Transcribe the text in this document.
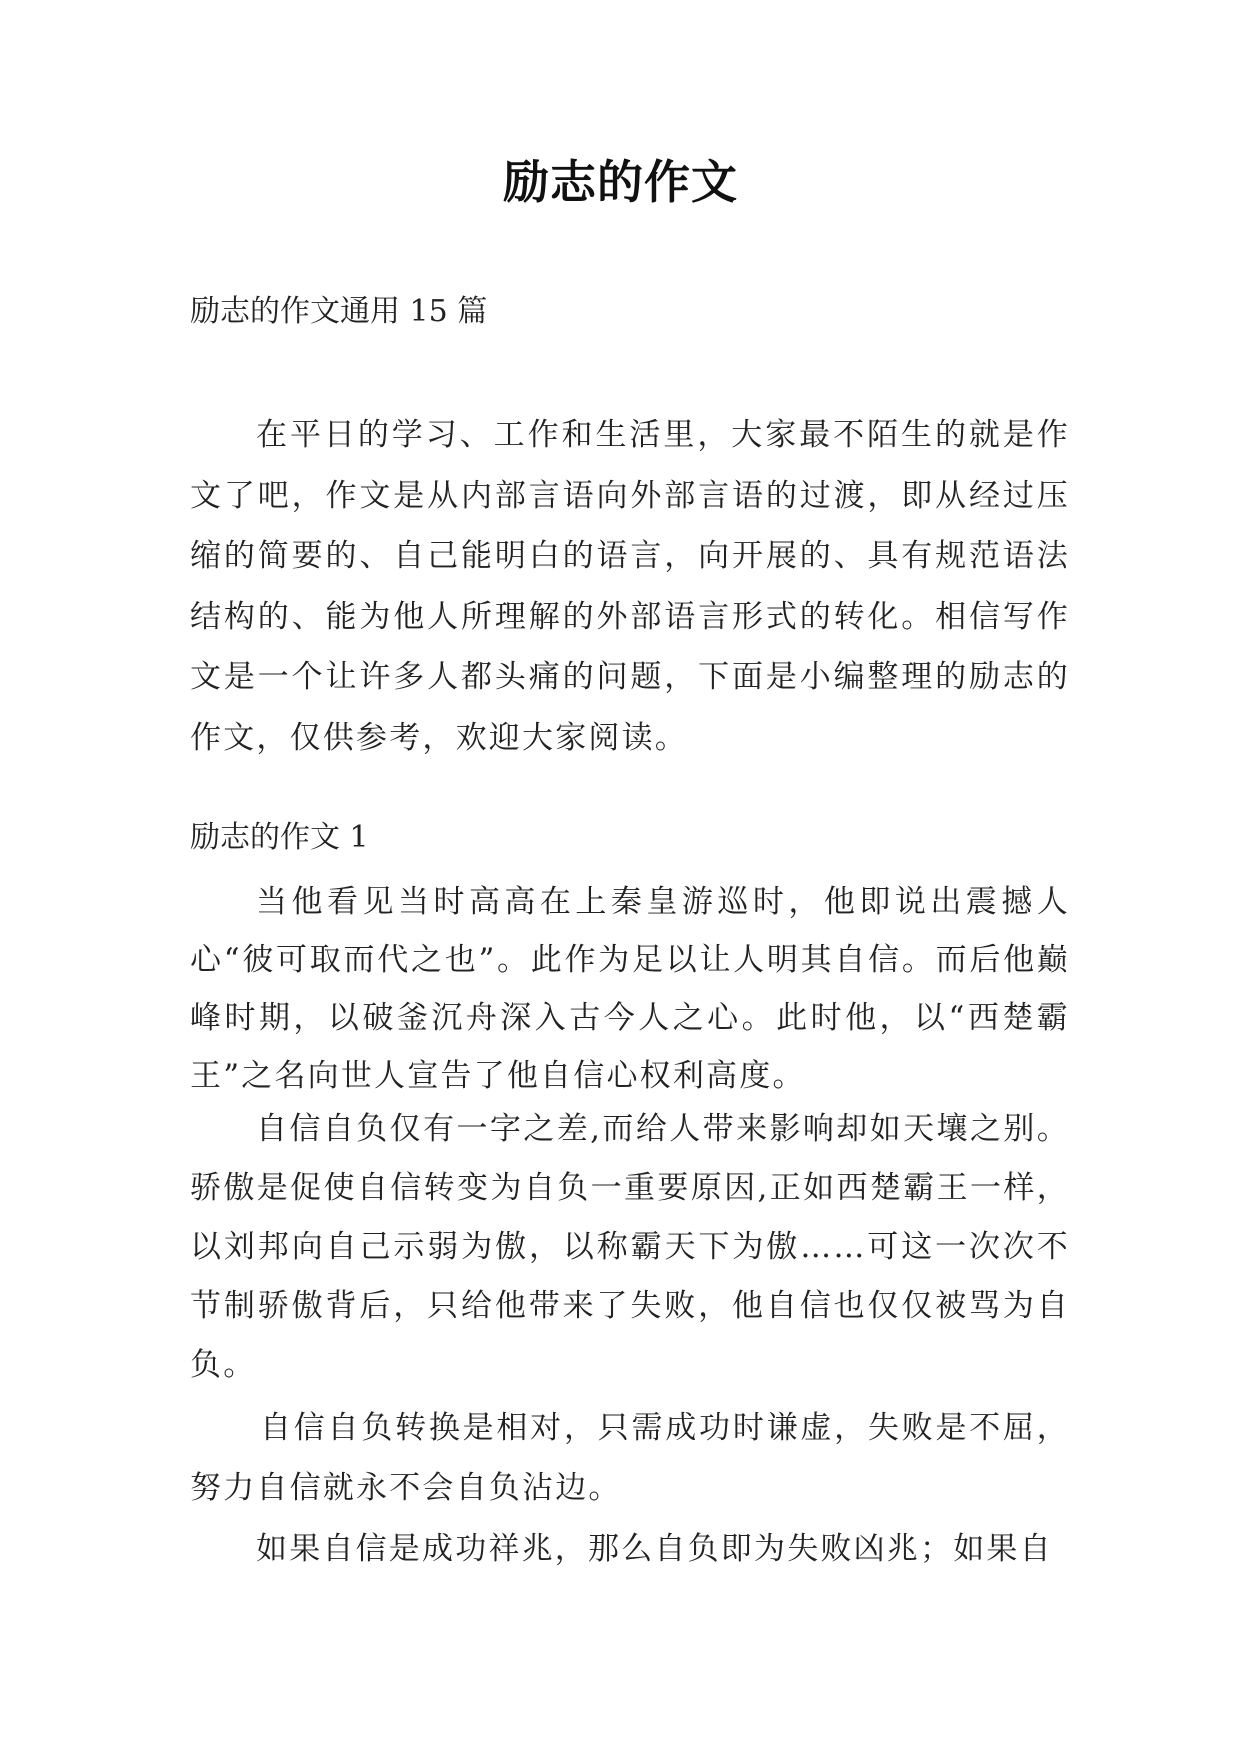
励志的作文
励志的作文通用 15 篇

在平日的学习、工作和生活里，大家最不陌生的就是作文了吧，作文是从内部言语向外部言语的过渡，即从经过压缩的简要的、自己能明白的语言，向开展的、具有规范语法结构的、能为他人所理解的外部语言形式的转化。相信写作文是一个让许多人都头痛的问题，下面是小编整理的励志的作文，仅供参考，欢迎大家阅读。

励志的作文 1

当他看见当时高高在上秦皇游巡时，他即说出震撼人心“彼可取而代之也”。此作为足以让人明其自信。而后他巅峰时期，以破釜沉舟深入古今人之心。此时他，以“西楚霸王”之名向世人宣告了他自信心权利高度。

自信自负仅有一字之差,而给人带来影响却如天壤之别。骄傲是促使自信转变为自负一重要原因,正如西楚霸王一样，以刘邦向自己示弱为傲，以称霸天下为傲……可这一次次不节制骄傲背后，只给他带来了失败，他自信也仅仅被骂为自负。

自信自负转换是相对，只需成功时谦虚，失败是不屈，努力自信就永不会自负沾边。

如果自信是成功祥兆，那么自负即为失败凶兆；如果自
